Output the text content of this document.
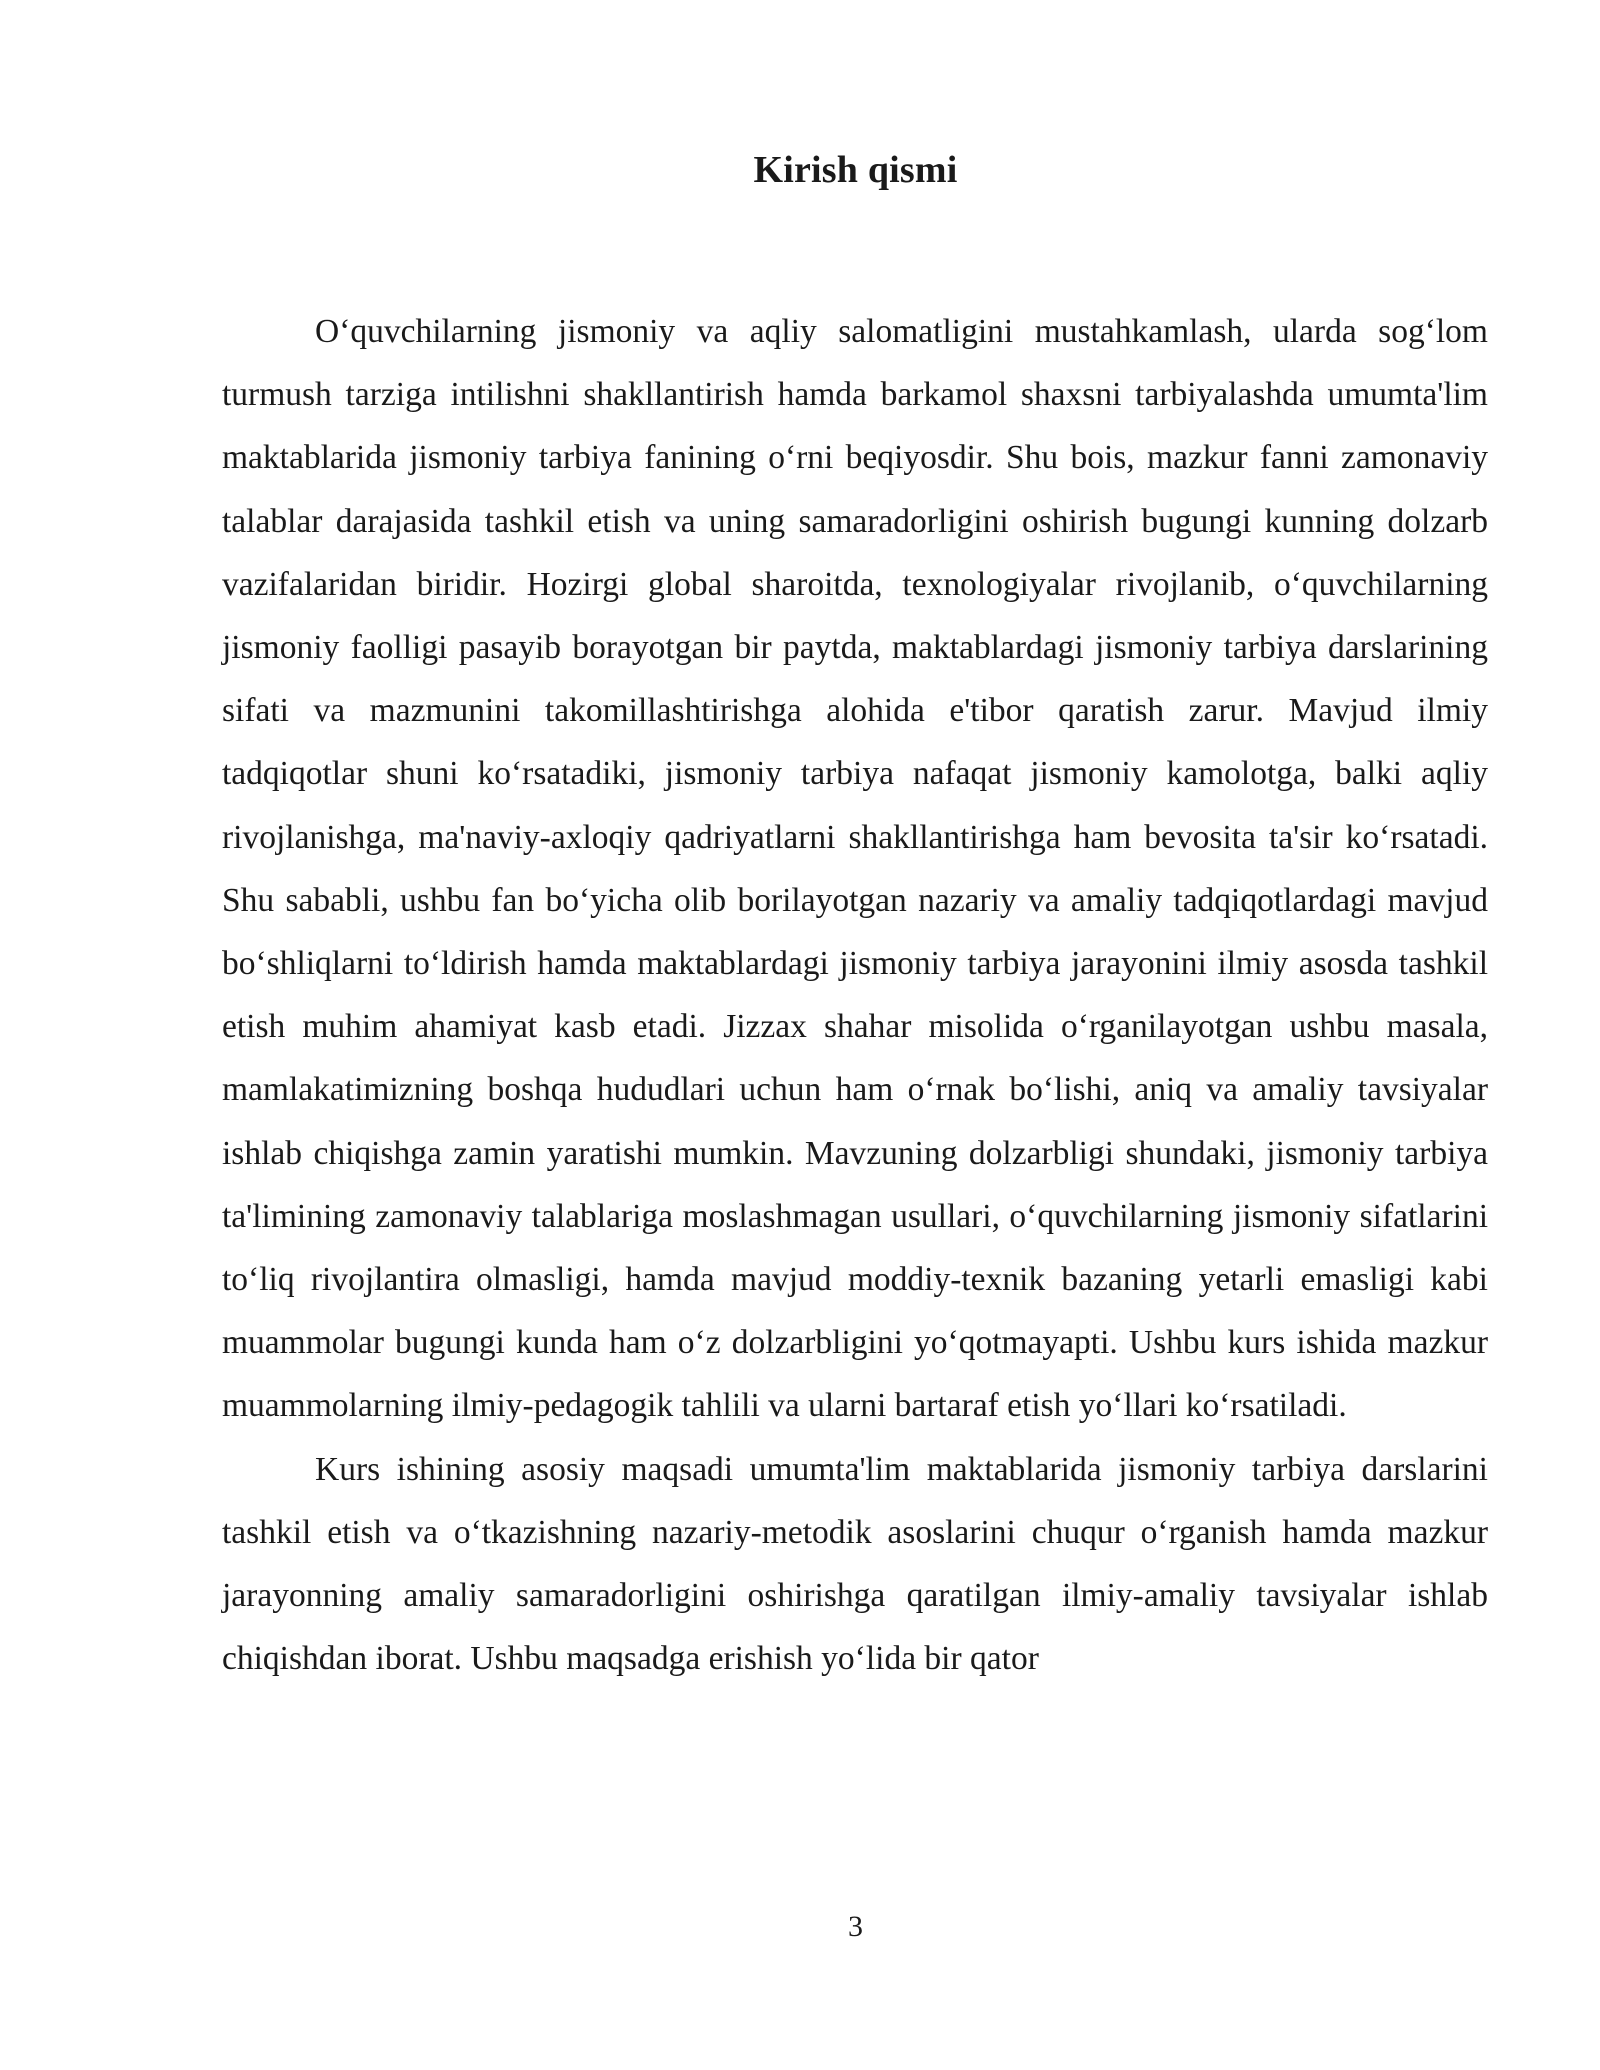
Kirish qismi

O‘quvchilarning jismoniy va aqliy salomatligini mustahkamlash, ularda sog‘lom turmush tarziga intilishni shakllantirish hamda barkamol shaxsni tarbiyalashda umumta'lim maktablarida jismoniy tarbiya fanining o‘rni beqiyosdir. Shu bois, mazkur fanni zamonaviy talablar darajasida tashkil etish va uning samaradorligini oshirish bugungi kunning dolzarb vazifalaridan biridir. Hozirgi global sharoitda, texnologiyalar rivojlanib, o‘quvchilarning jismoniy faolligi pasayib borayotgan bir paytda, maktablardagi jismoniy tarbiya darslarining sifati va mazmunini takomillashtirishga alohida e'tibor qaratish zarur. Mavjud ilmiy tadqiqotlar shuni ko‘rsatadiki, jismoniy tarbiya nafaqat jismoniy kamolotga, balki aqliy rivojlanishga, ma'naviy-axloqiy qadriyatlarni shakllantirishga ham bevosita ta'sir ko‘rsatadi. Shu sababli, ushbu fan bo‘yicha olib borilayotgan nazariy va amaliy tadqiqotlardagi mavjud bo‘shliqlarni to‘ldirish hamda maktablardagi jismoniy tarbiya jarayonini ilmiy asosda tashkil etish muhim ahamiyat kasb etadi. Jizzax shahar misolida o‘rganilayotgan ushbu masala, mamlakatimizning boshqa hududlari uchun ham o‘rnak bo‘lishi, aniq va amaliy tavsiyalar ishlab chiqishga zamin yaratishi mumkin. Mavzuning dolzarbligi shundaki, jismoniy tarbiya ta'limining zamonaviy talablariga moslashmagan usullari, o‘quvchilarning jismoniy sifatlarini to‘liq rivojlantira olmasligi, hamda mavjud moddiy-texnik bazaning yetarli emasligi kabi muammolar bugungi kunda ham o‘z dolzarbligini yo‘qotmayapti. Ushbu kurs ishida mazkur muammolarning ilmiy-pedagogik tahlili va ularni bartaraf etish yo‘llari ko‘rsatiladi.

Kurs ishining asosiy maqsadi umumta'lim maktablarida jismoniy tarbiya darslarini tashkil etish va o‘tkazishning nazariy-metodik asoslarini chuqur o‘rganish hamda mazkur jarayonning amaliy samaradorligini oshirishga qaratilgan ilmiy-amaliy tavsiyalar ishlab chiqishdan iborat. Ushbu maqsadga erishish yo‘lida bir qator

3
